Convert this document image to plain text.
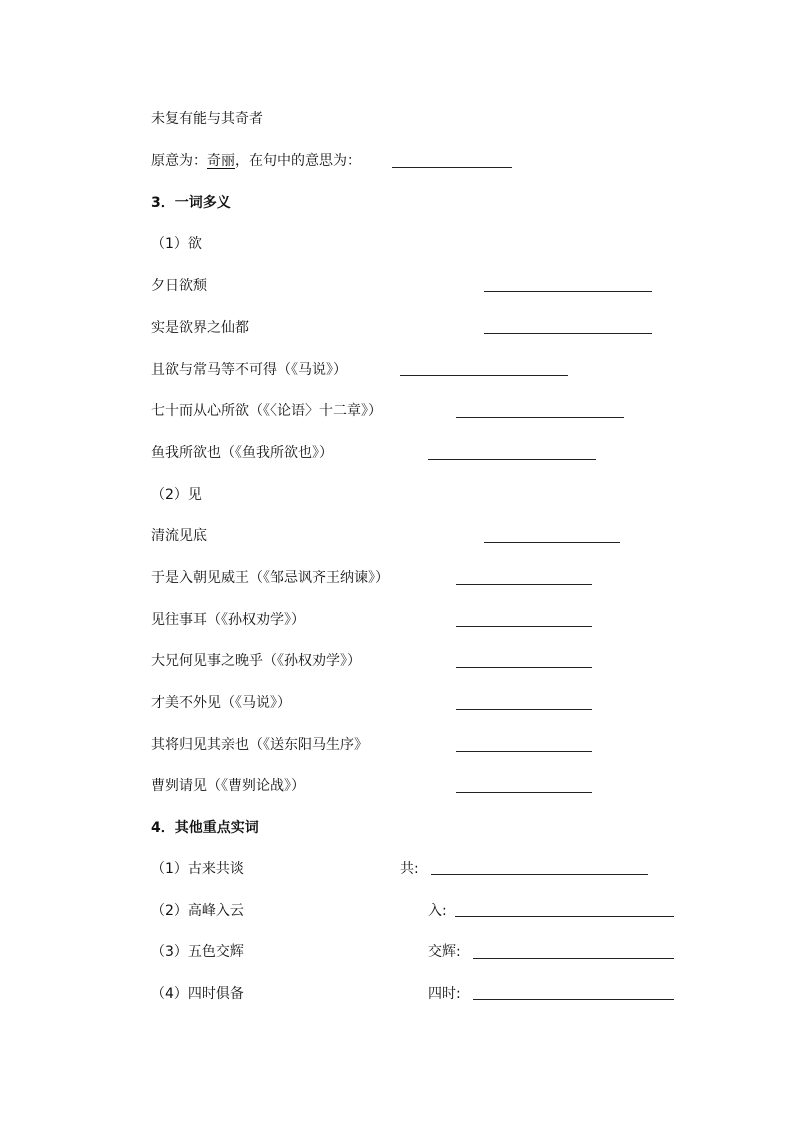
未复有能与其奇者
原意为：奇丽，在句中的意思为：
3．一词多义
（1）欲
夕日欲颓
实是欲界之仙都
且欲与常马等不可得（《马说》）
七十而从心所欲（《〈论语〉十二章》）
鱼我所欲也（《鱼我所欲也》）
（2）见
清流见底
于是入朝见威王（《邹忌讽齐王纳谏》）
见往事耳（《孙权劝学》）
大兄何见事之晚乎（《孙权劝学》）
才美不外见（《马说》）
其将归见其亲也（《送东阳马生序》
曹刿请见（《曹刿论战》）
4．其他重点实词
（1）古来共谈	共:
（2）高峰入云	入:
（3）五色交辉	交辉:
（4）四时俱备	四时:
